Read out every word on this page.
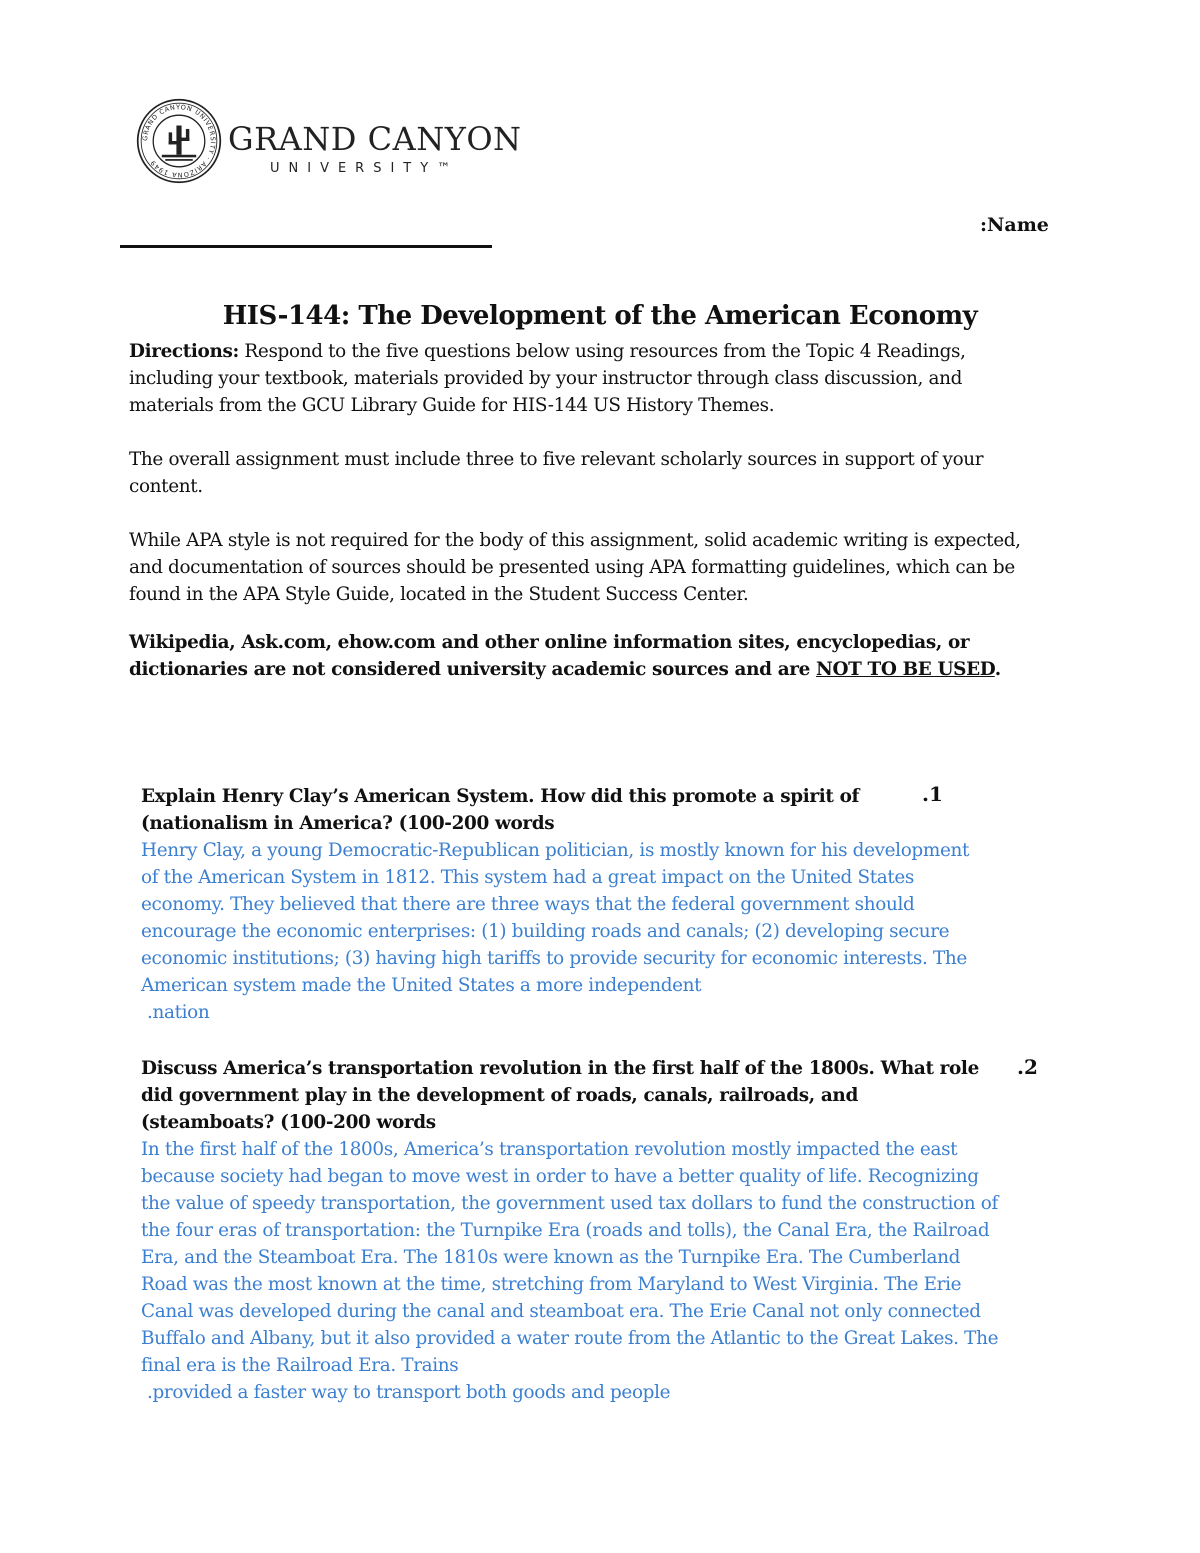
GRAND CANYON UNIVERSITY · ARIZONA 1949
GRAND CANYON
UNIVERSITY™
:Name
HIS-144: The Development of the American Economy
Directions: Respond to the five questions below using resources from the Topic 4 Readings, including your textbook, materials provided by your instructor through class discussion, and materials from the GCU Library Guide for HIS-144 US History Themes.
The overall assignment must include three to five relevant scholarly sources in support of your content.
While APA style is not required for the body of this assignment, solid academic writing is expected, and documentation of sources should be presented using APA formatting guidelines, which can be found in the APA Style Guide, located in the Student Success Center.
Wikipedia, Ask.com, ehow.com and other online information sites, encyclopedias, or dictionaries are not considered university academic sources and are NOT TO BE USED.
.1
Explain Henry Clay’s American System. How did this promote a spirit of
(nationalism in America? (100-200 words
Henry Clay, a young Democratic-Republican politician, is mostly known for his development of the American System in 1812. This system had a great impact on the United States economy. They believed that there are three ways that the federal government should encourage the economic enterprises: (1) building roads and canals; (2) developing secure economic institutions; (3) having high tariffs to provide security for economic interests. The American system made the United States a more independent
.nation
.2
Discuss America’s transportation revolution in the first half of the 1800s. What role
did government play in the development of roads, canals, railroads, and
(steamboats? (100-200 words
In the first half of the 1800s, America’s transportation revolution mostly impacted the east because society had began to move west in order to have a better quality of life. Recognizing the value of speedy transportation, the government used tax dollars to fund the construction of the four eras of transportation: the Turnpike Era (roads and tolls), the Canal Era, the Railroad Era, and the Steamboat Era. The 1810s were known as the Turnpike Era. The Cumberland Road was the most known at the time, stretching from Maryland to West Virginia. The Erie Canal was developed during the canal and steamboat era. The Erie Canal not only connected Buffalo and Albany, but it also provided a water route from the Atlantic to the Great Lakes. The final era is the Railroad Era. Trains
.provided a faster way to transport both goods and people
